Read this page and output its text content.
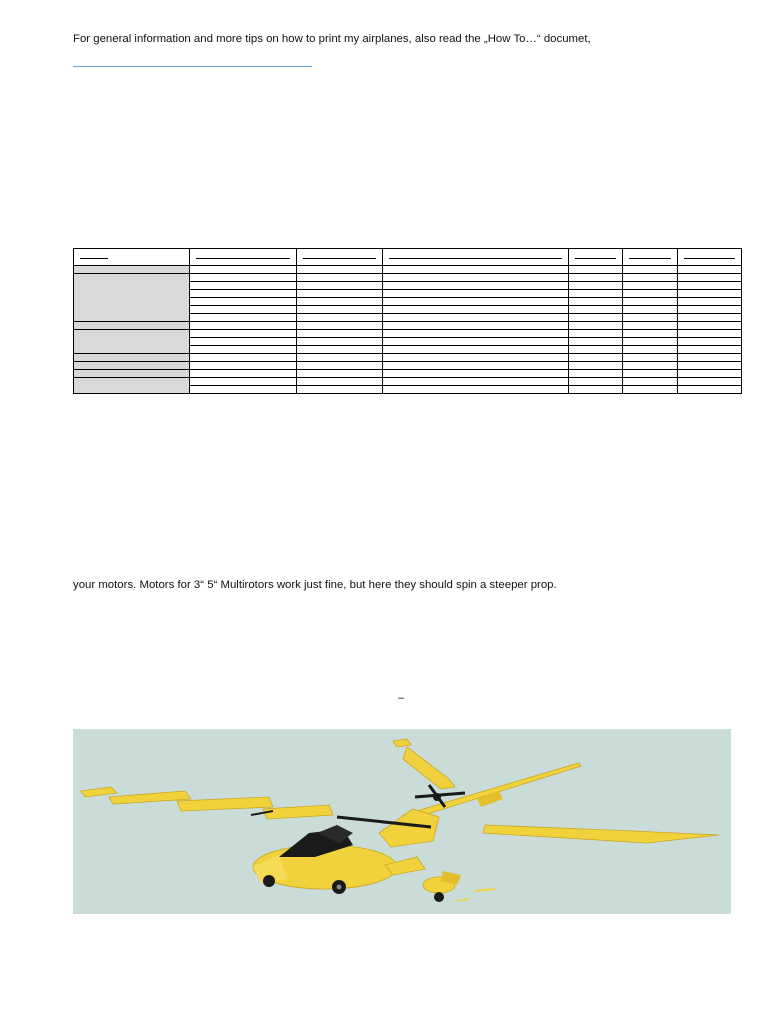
For general information and more tips on how to print my airplanes, also read the „How To…“ documet,

your motors. Motors for 3“ 5“ Multirotors work just fine, but here they should spin a steeper prop.

–
